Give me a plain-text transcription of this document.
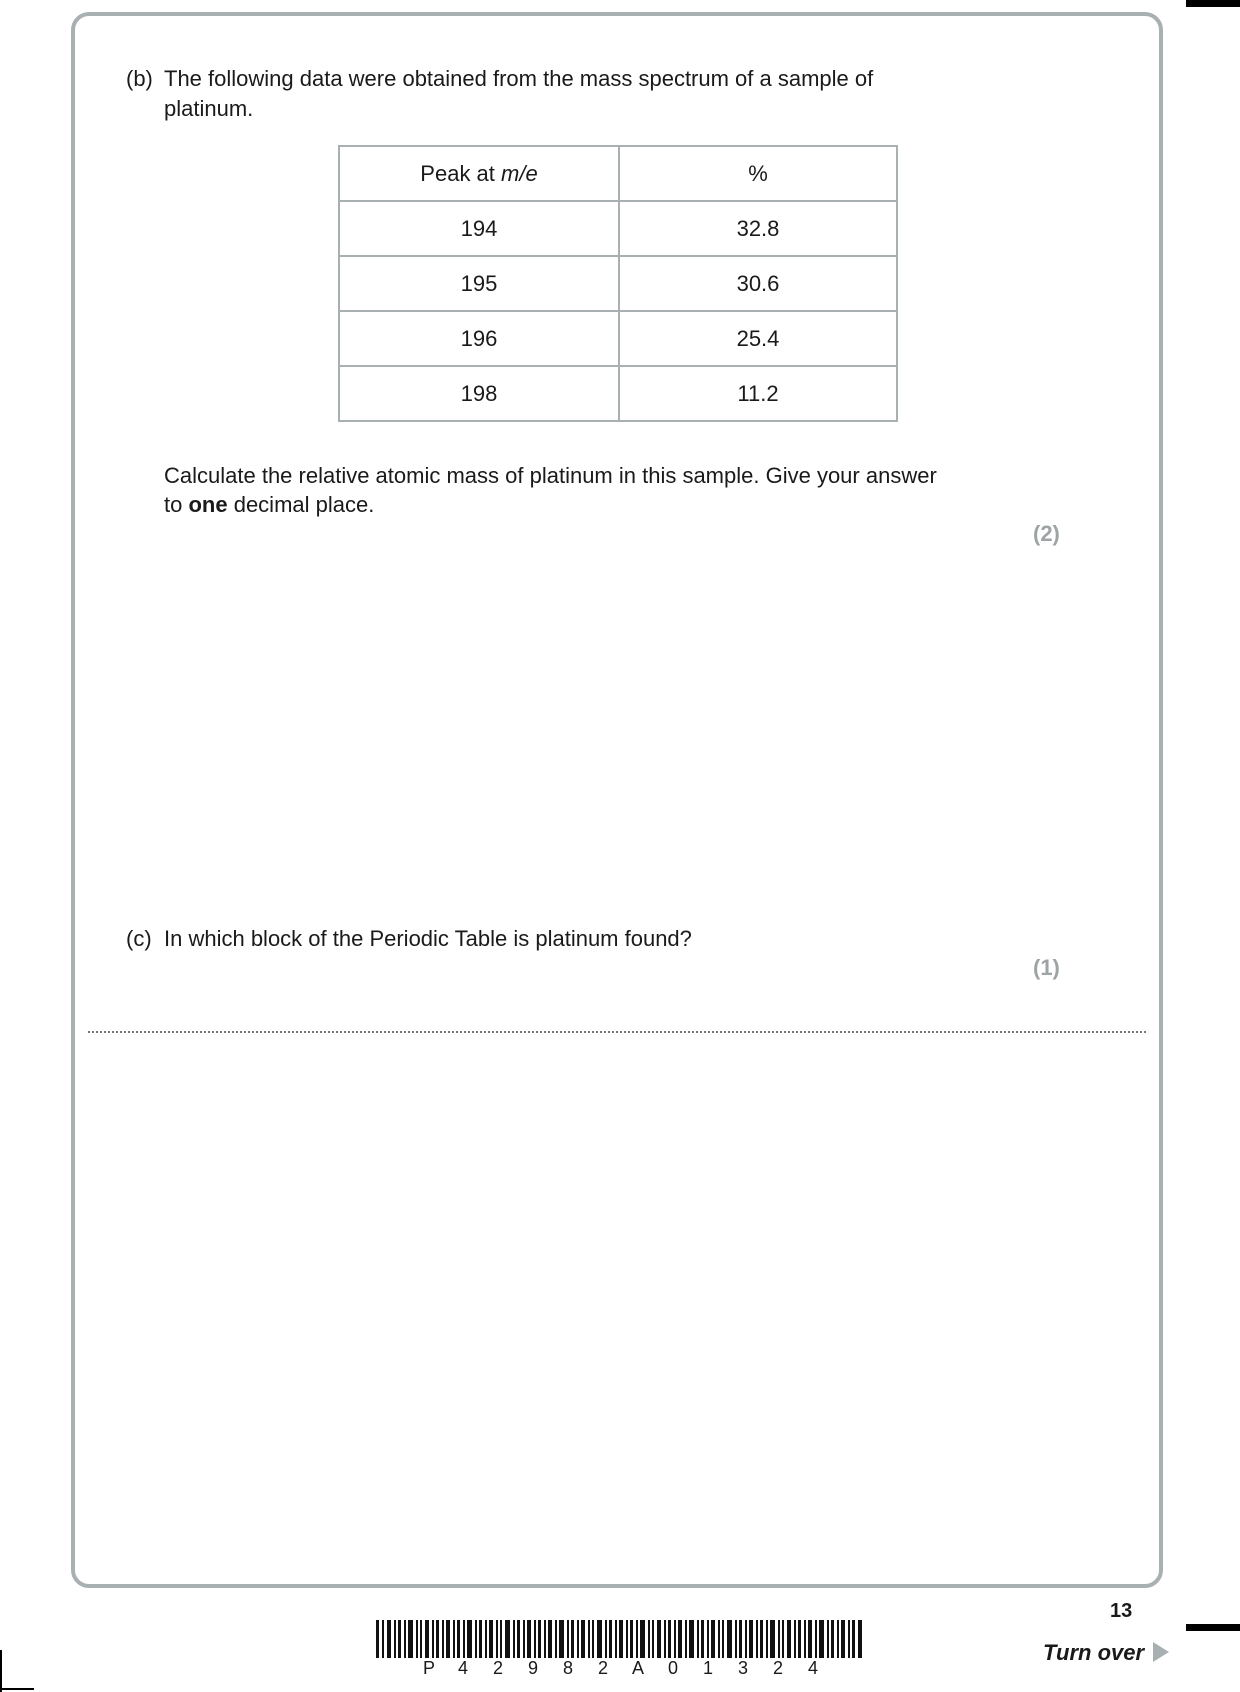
(b) The following data were obtained from the mass spectrum of a sample of
platinum.
Peak at m/e	%
194	32.8
195	30.6
196	25.4
198	11.2
Calculate the relative atomic mass of platinum in this sample. Give your answer
to one decimal place.
(2)
(c) In which block of the Periodic Table is platinum found?
(1)
13
P 4 2 9 8 2 A 0 1 3 2 4
Turn over
